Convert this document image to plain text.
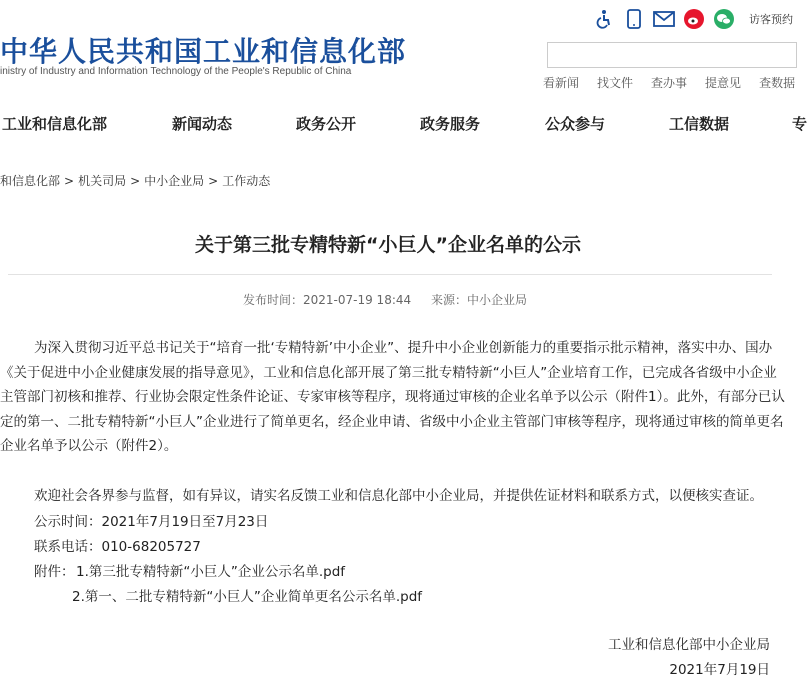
中华人民共和国工业和信息化部
inistry of Industry and Information Technology of the People's Republic of China
访客预约
看新闻	找文件	查办事	提意见	查数据
工业和信息化部	新闻动态	政务公开	政务服务	公众参与	工信数据	专
和信息化部 > 机关司局 > 中小企业局 > 工作动态
关于第三批专精特新“小巨人”企业名单的公示
发布时间：2021-07-19 18:44 来源：中小企业局
为深入贯彻习近平总书记关于“培育一批‘专精特新’中小企业”、提升中小企业创新能力的重要指示批示精神，落实中办、国办《关于促进中小企业健康发展的指导意见》，工业和信息化部开展了第三批专精特新“小巨人”企业培育工作，已完成各省级中小企业主管部门初核和推荐、行业协会限定性条件论证、专家审核等程序，现将通过审核的企业名单予以公示（附件1）。此外，有部分已认定的第一、二批专精特新“小巨人”企业进行了简单更名，经企业申请、省级中小企业主管部门审核等程序，现将通过审核的简单更名企业名单予以公示（附件2）。
欢迎社会各界参与监督，如有异议，请实名反馈工业和信息化部中小企业局，并提供佐证材料和联系方式，以便核实查证。
公示时间：2021年7月19日至7月23日
联系电话：010-68205727
附件： 1.第三批专精特新“小巨人”企业公示名单.pdf
2.第一、二批专精特新“小巨人”企业简单更名公示名单.pdf
工业和信息化部中小企业局
2021年7月19日
